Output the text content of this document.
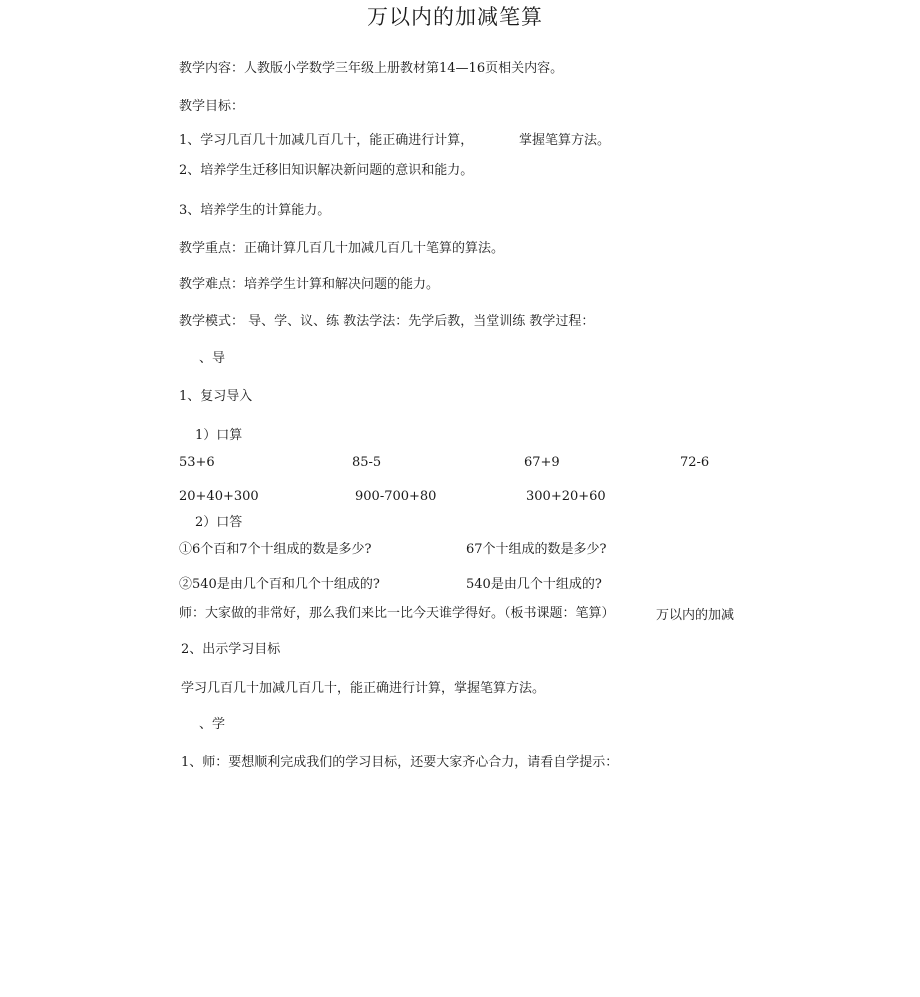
万以内的加减笔算
教学内容：人教版小学数学三年级上册教材第14—16页相关内容。
教学目标：
1、学习几百几十加减几百几十，能正确进行计算，	掌握笔算方法。
2、培养学生迁移旧知识解决新问题的意识和能力。
3、培养学生的计算能力。
教学重点：正确计算几百几十加减几百几十笔算的算法。
教学难点：培养学生计算和解决问题的能力。
教学模式： 导、学、议、练 教法学法：先学后教，当堂训练 教学过程：
、导
1、复习导入
1）口算
53+6	85-5	67+9	72-6
20+40+300	900-700+80	300+20+60
2）口答
①6个百和7个十组成的数是多少?	67个十组成的数是多少?
②540是由几个百和几个十组成的?	540是由几个十组成的?
师：大家做的非常好，那么我们来比一比今天谁学得好。（板书课题：笔算）	万以内的加减
2、出示学习目标
学习几百几十加减几百几十，能正确进行计算，掌握笔算方法。
、学
1、师：要想顺利完成我们的学习目标，还要大家齐心合力，请看自学提示：
